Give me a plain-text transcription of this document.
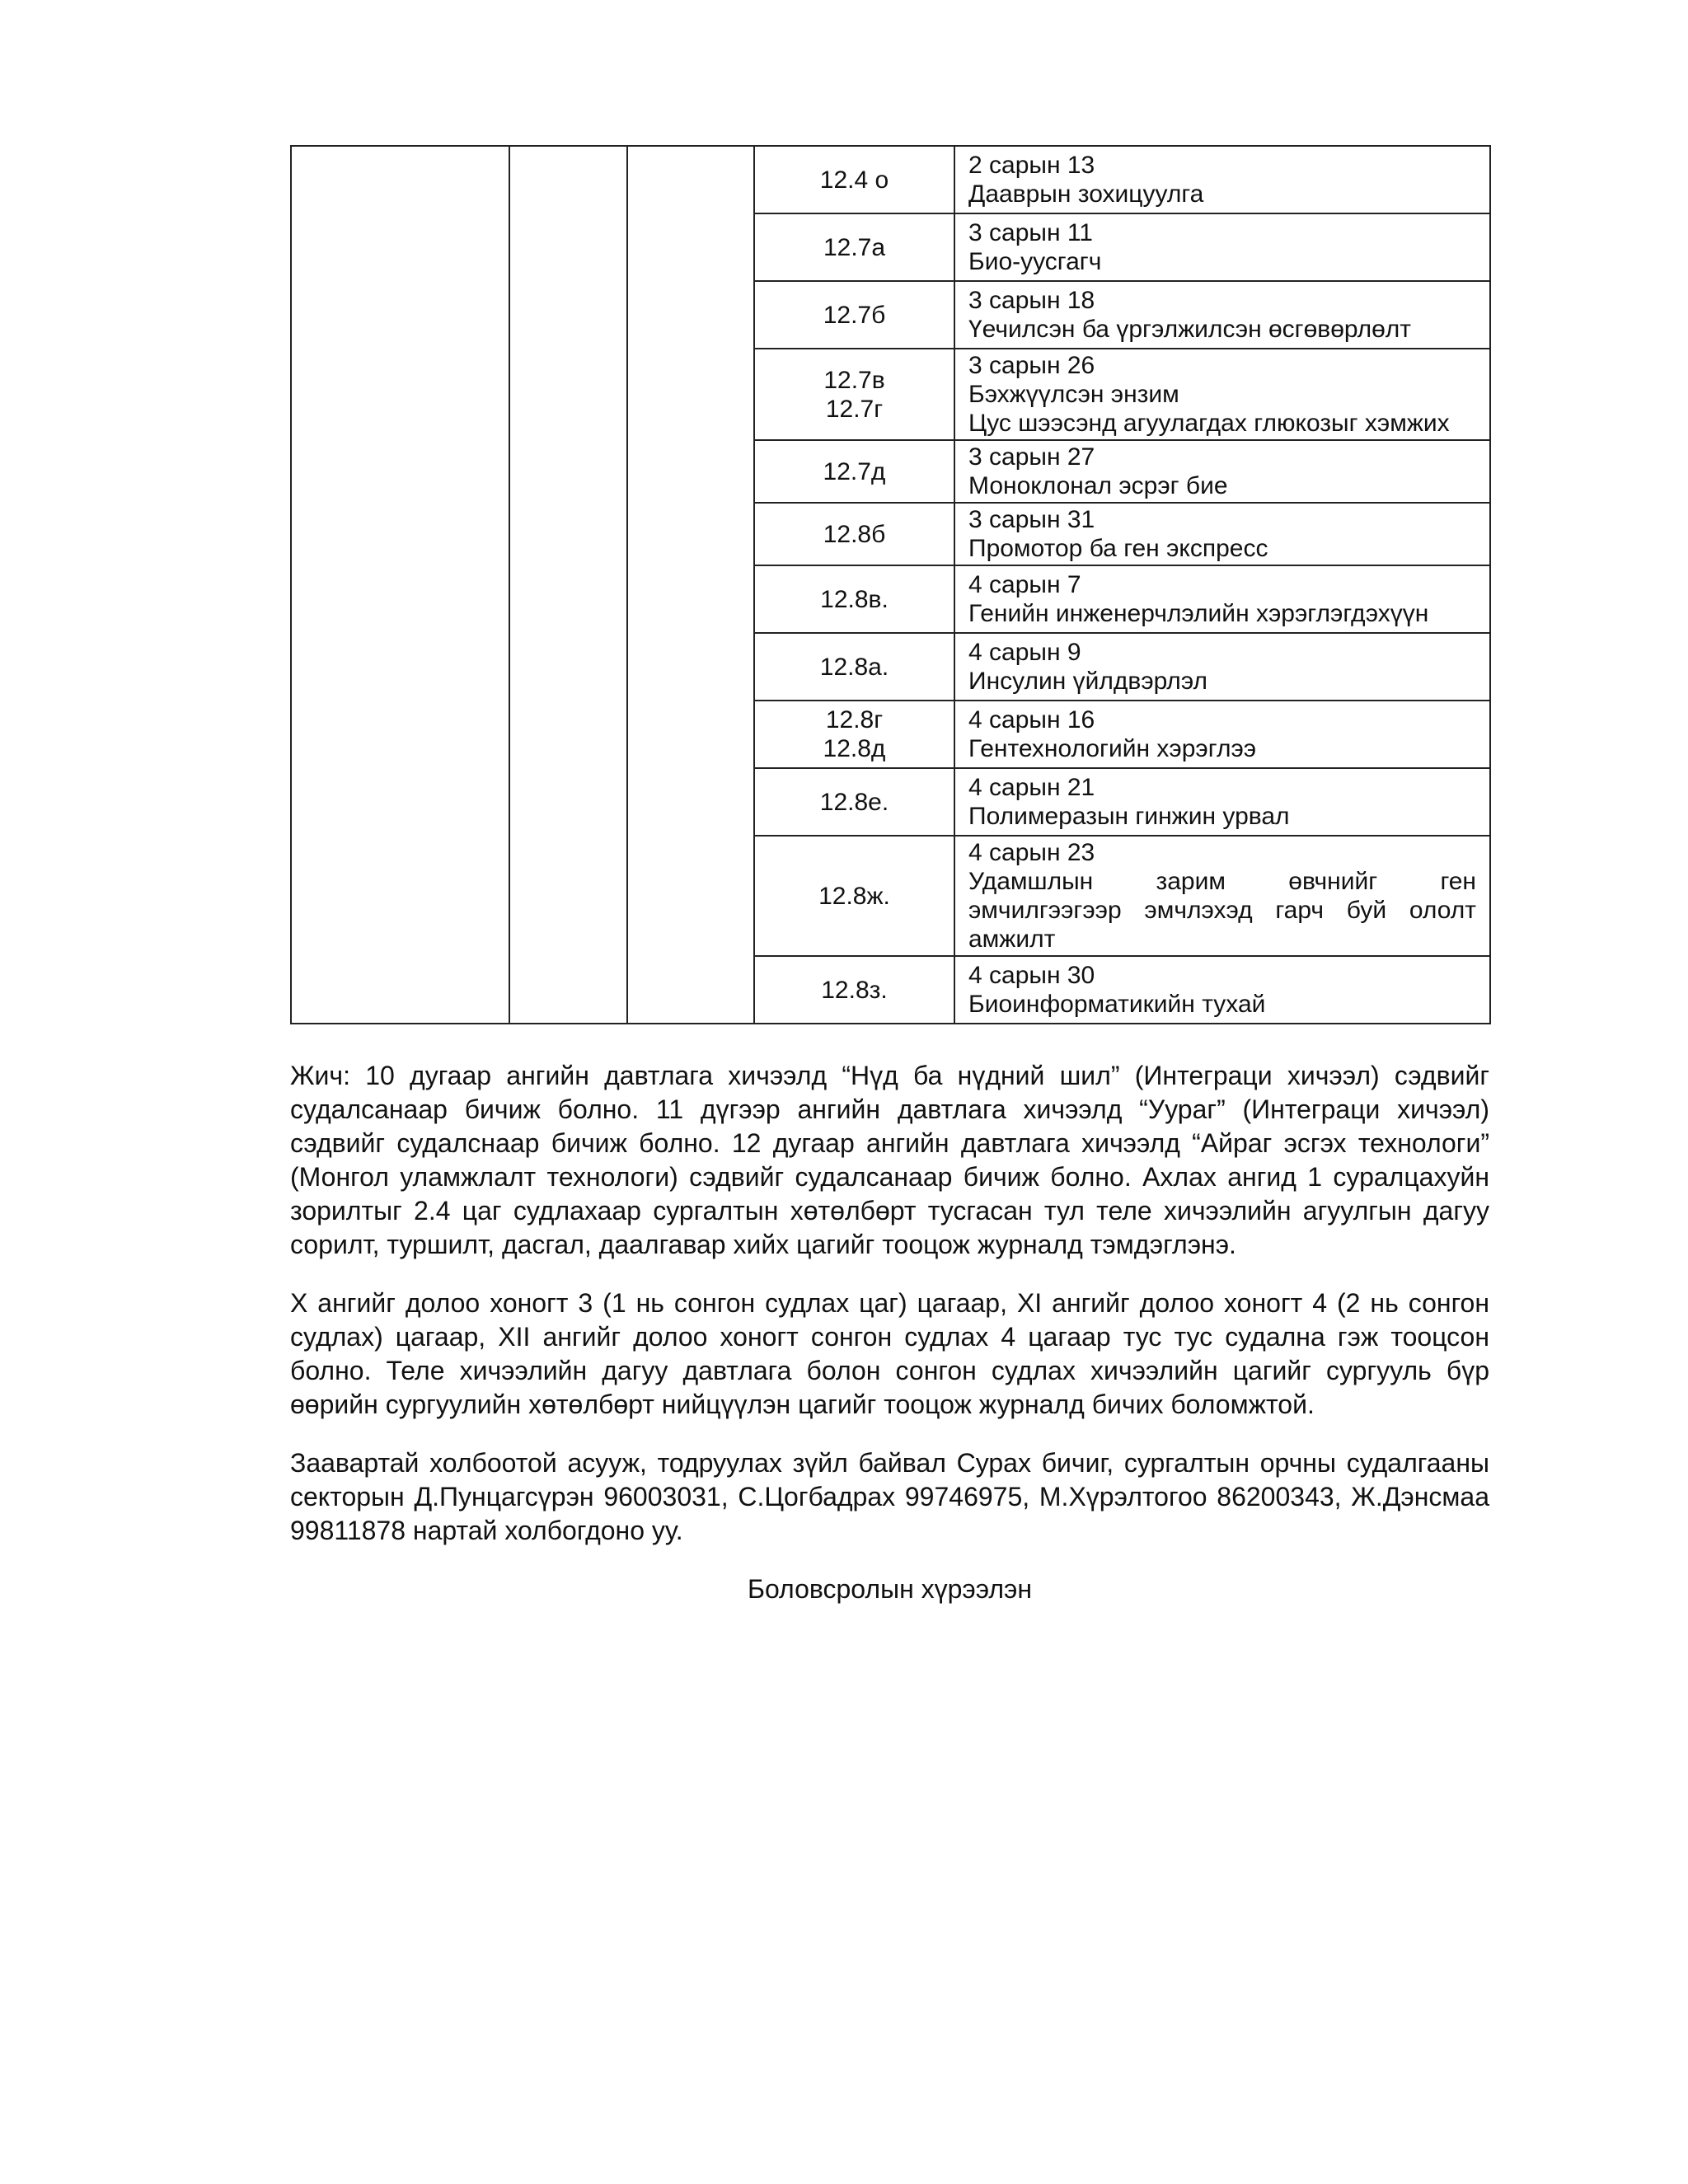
			12.4 о	2 сарын 13
Дааврын зохицуулга

			12.7а	3 сарын 11
Био-уусгагч

			12.7б	3 сарын 18
Үечилсэн ба үргэлжилсэн өсгөвөрлөлт

			12.7в
12.7г	3 сарын 26
Бэхжүүлсэн энзим
Цус шээсэнд агуулагдах глюкозыг хэмжих

			12.7д	3 сарын 27
Моноклонал эсрэг бие

			12.8б	3 сарын 31
Промотор ба ген экспресс

			12.8в.	4 сарын 7
Генийн инженерчлэлийн хэрэглэгдэхүүн

			12.8а.	4 сарын 9
Инсулин үйлдвэрлэл

			12.8г
12.8д	4 сарын 16
Гентехнологийн хэрэглээ

			12.8е.	4 сарын 21
Полимеразын гинжин урвал

			12.8ж.	4 сарын 23
Удамшлын зарим өвчнийг ген
эмчилгээгээр эмчлэхэд гарч буй ололт
амжилт

			12.8з.	4 сарын 30
Биоинформатикийн тухай

Жич: 10 дугаар ангийн давтлага хичээлд “Нүд ба нүдний шил” (Интеграци хичээл) сэдвийг судалсанаар бичиж болно. 11 дүгээр ангийн давтлага хичээлд “Уураг” (Интеграци хичээл) сэдвийг судалснаар бичиж болно. 12 дугаар ангийн давтлага хичээлд “Айраг эсгэх технологи” (Монгол уламжлалт технологи) сэдвийг судалсанаар бичиж болно. Ахлах ангид 1 суралцахуйн зорилтыг 2.4 цаг судлахаар сургалтын хөтөлбөрт тусгасан тул теле хичээлийн агуулгын дагуу сорилт, туршилт, дасгал, даалгавар хийх цагийг тооцож журналд тэмдэглэнэ.

X ангийг долоо хоногт 3 (1 нь сонгон судлах цаг) цагаар, XI ангийг долоо хоногт 4 (2 нь сонгон судлах) цагаар, XII ангийг долоо хоногт сонгон судлах 4 цагаар тус тус судална гэж тооцсон болно. Теле хичээлийн дагуу давтлага болон сонгон судлах хичээлийн цагийг сургууль бүр өөрийн сургуулийн хөтөлбөрт нийцүүлэн цагийг тооцож журналд бичих боломжтой.

Заавартай холбоотой асууж, тодруулах зүйл байвал Сурах бичиг, сургалтын орчны судалгааны секторын Д.Пунцагсүрэн 96003031, С.Цогбадрах 99746975, М.Хүрэлтогоо 86200343, Ж.Дэнсмаа 99811878 нартай холбогдоно уу.

Боловсролын хүрээлэн
